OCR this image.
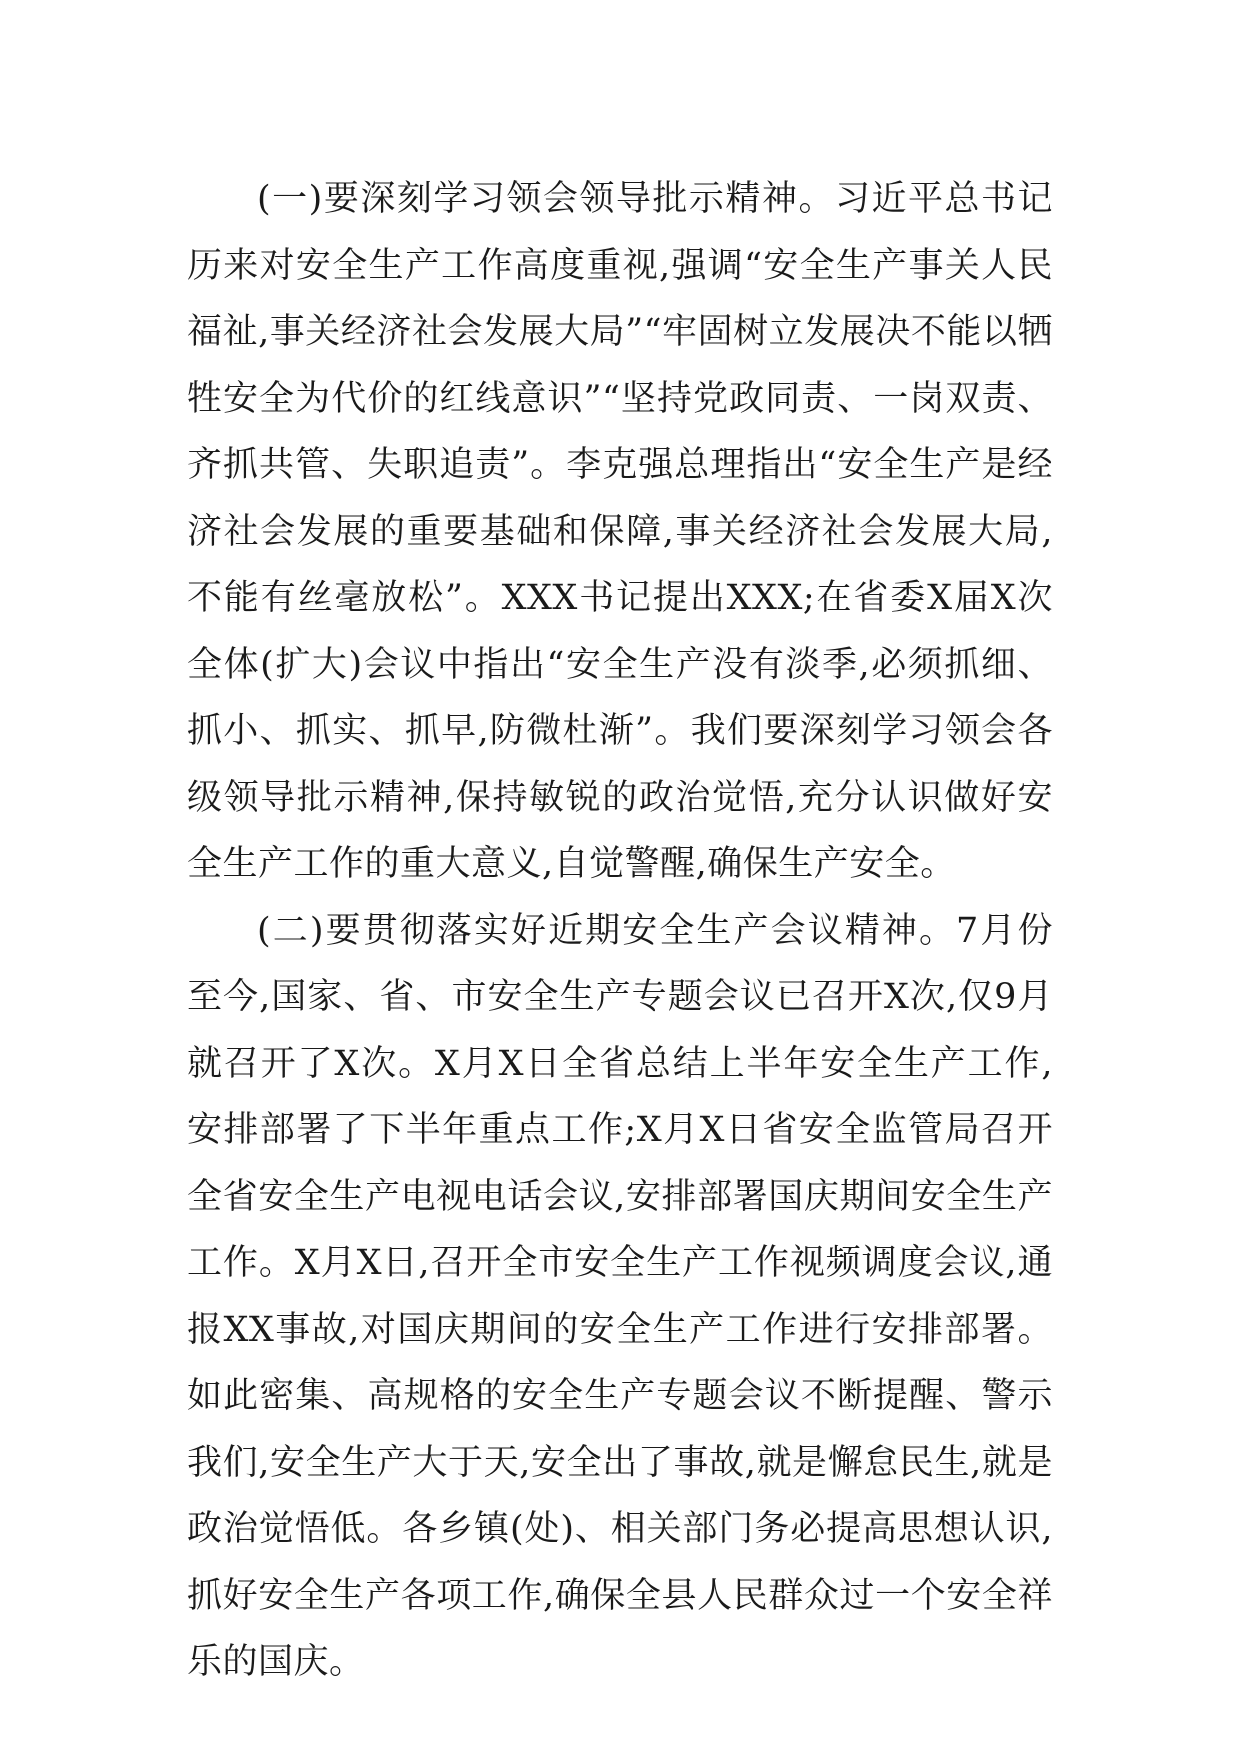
(一)要深刻学习领会领导批示精神。习近平总书记历来对安全生产工作高度重视,强调“安全生产事关人民福祉,事关经济社会发展大局”“牢固树立发展决不能以牺牲安全为代价的红线意识”“坚持党政同责、一岗双责、齐抓共管、失职追责”。李克强总理指出“安全生产是经济社会发展的重要基础和保障,事关经济社会发展大局,不能有丝毫放松”。XXX书记提出XXX;在省委X届X次全体(扩大)会议中指出“安全生产没有淡季,必须抓细、抓小、抓实、抓早,防微杜渐”。我们要深刻学习领会各级领导批示精神,保持敏锐的政治觉悟,充分认识做好安全生产工作的重大意义,自觉警醒,确保生产安全。

(二)要贯彻落实好近期安全生产会议精神。7月份至今,国家、省、市安全生产专题会议已召开X次,仅9月就召开了X次。X月X日全省总结上半年安全生产工作,安排部署了下半年重点工作;X月X日省安全监管局召开全省安全生产电视电话会议,安排部署国庆期间安全生产工作。X月X日,召开全市安全生产工作视频调度会议,通报XX事故,对国庆期间的安全生产工作进行安排部署。如此密集、高规格的安全生产专题会议不断提醒、警示我们,安全生产大于天,安全出了事故,就是懈怠民生,就是政治觉悟低。各乡镇(处)、相关部门务必提高思想认识,抓好安全生产各项工作,确保全县人民群众过一个安全祥乐的国庆。
